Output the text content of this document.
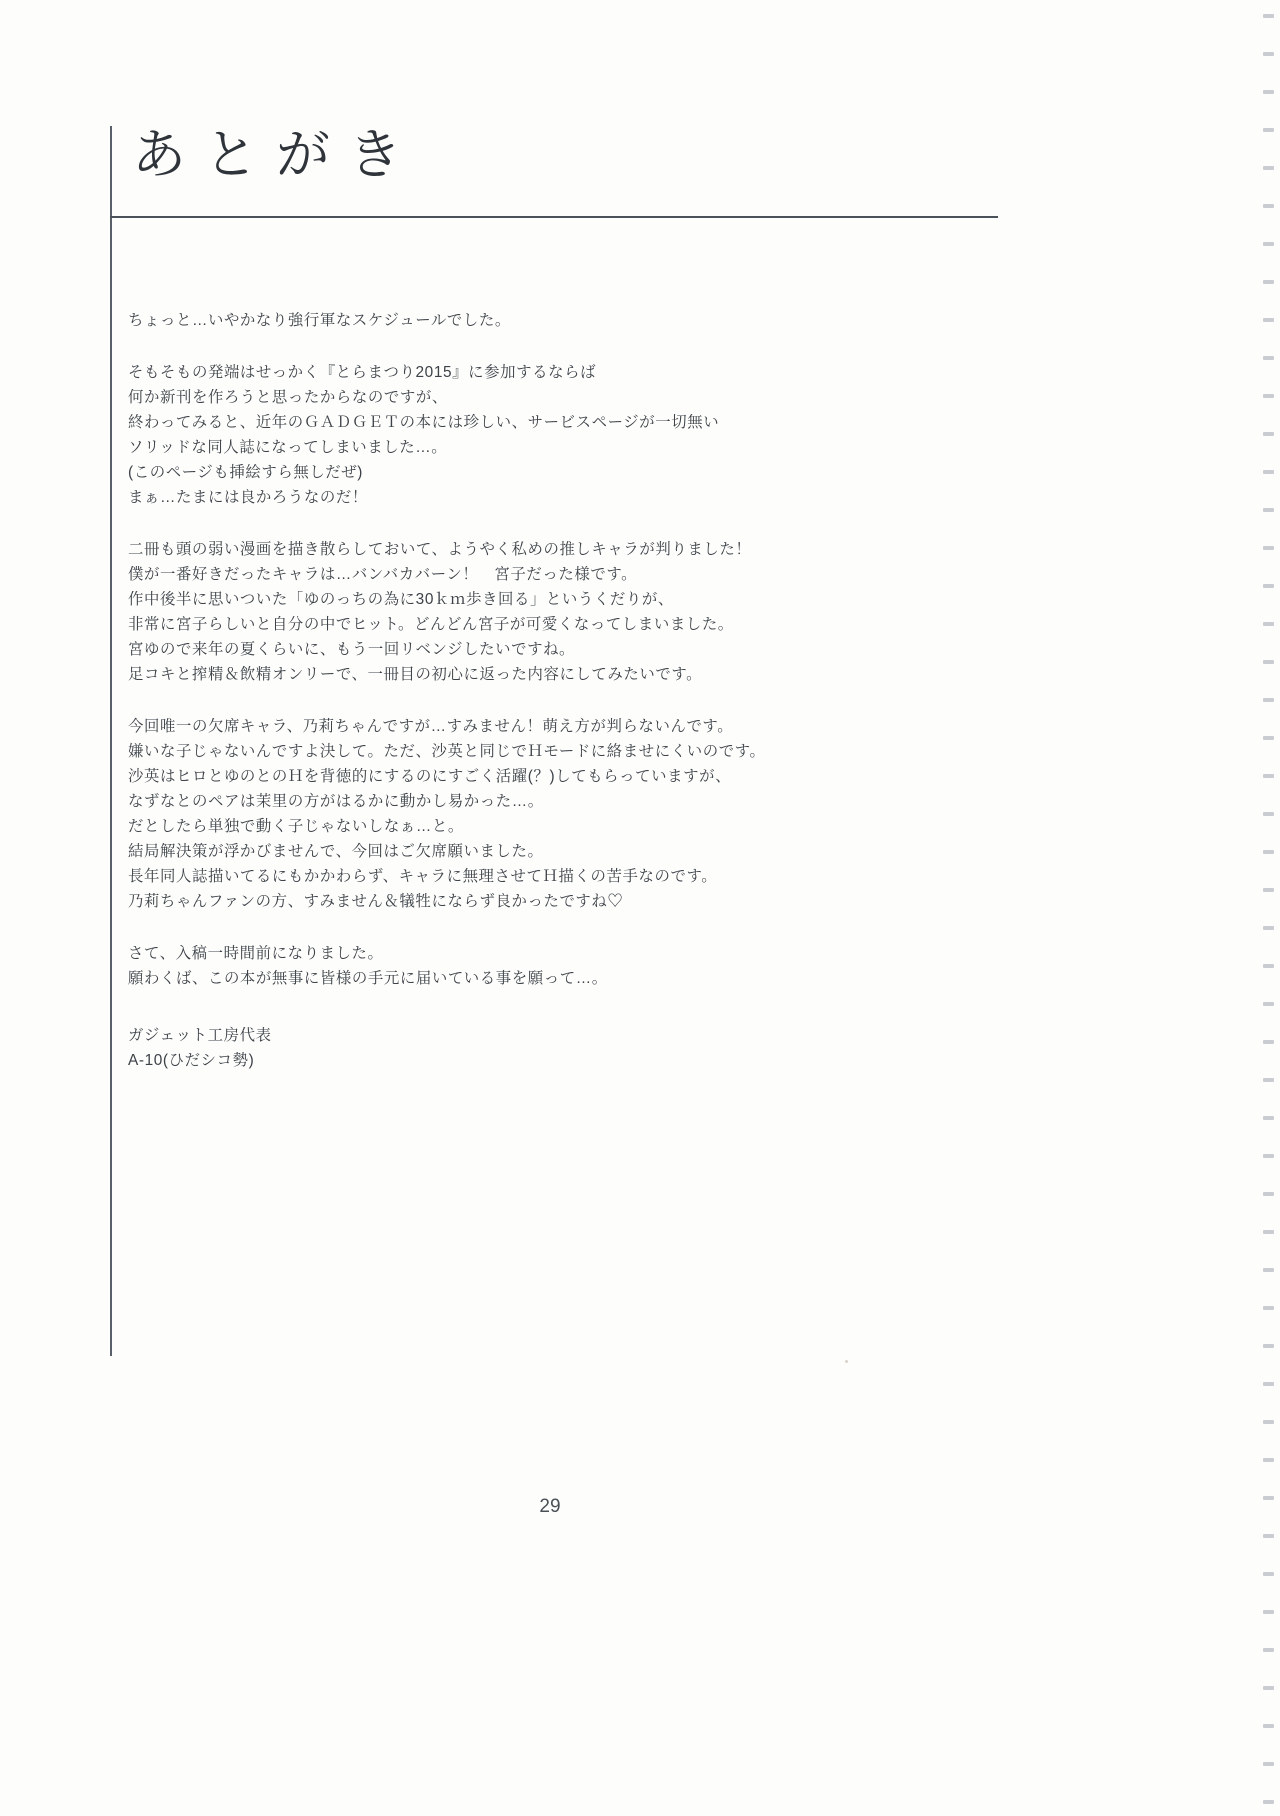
あとがき
ちょっと…いやかなり強行軍なスケジュールでした。
そもそもの発端はせっかく『とらまつり2015』に参加するならば
何か新刊を作ろうと思ったからなのですが、
終わってみると、近年のＧＡＤＧＥＴの本には珍しい、サービスページが一切無い
ソリッドな同人誌になってしまいました…。
(このページも挿絵すら無しだぜ)
まぁ…たまには良かろうなのだ！
二冊も頭の弱い漫画を描き散らしておいて、ようやく私めの推しキャラが判りました！
僕が一番好きだったキャラは…バンバカバーン！　宮子だった様です。
作中後半に思いついた「ゆのっちの為に30ｋｍ歩き回る」というくだりが、
非常に宮子らしいと自分の中でヒット。どんどん宮子が可愛くなってしまいました。
宮ゆので来年の夏くらいに、もう一回リベンジしたいですね。
足コキと搾精＆飲精オンリーで、一冊目の初心に返った内容にしてみたいです。
今回唯一の欠席キャラ、乃莉ちゃんですが…すみません！萌え方が判らないんです。
嫌いな子じゃないんですよ決して。ただ、沙英と同じでＨモードに絡ませにくいのです。
沙英はヒロとゆのとのＨを背徳的にするのにすごく活躍(？)してもらっていますが、
なずなとのペアは茉里の方がはるかに動かし易かった…。
だとしたら単独で動く子じゃないしなぁ…と。
結局解決策が浮かびませんで、今回はご欠席願いました。
長年同人誌描いてるにもかかわらず、キャラに無理させてＨ描くの苦手なのです。
乃莉ちゃんファンの方、すみません＆犠牲にならず良かったですね♡
さて、入稿一時間前になりました。
願わくば、この本が無事に皆様の手元に届いている事を願って…。
ガジェット工房代表
A-10(ひだシコ勢)
29
